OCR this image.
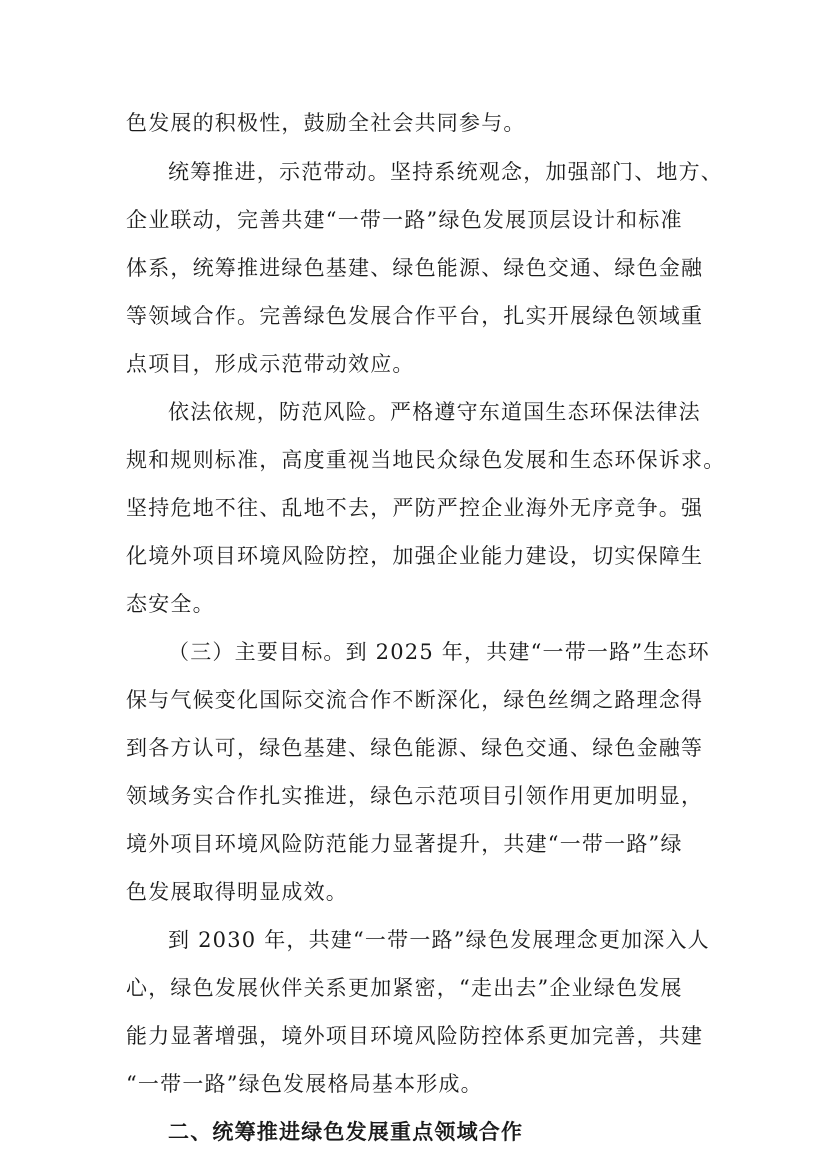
色发展的积极性，鼓励全社会共同参与。
统筹推进，示范带动。坚持系统观念，加强部门、地方、
企业联动，完善共建“一带一路”绿色发展顶层设计和标准
体系，统筹推进绿色基建、绿色能源、绿色交通、绿色金融
等领域合作。完善绿色发展合作平台，扎实开展绿色领域重
点项目，形成示范带动效应。
依法依规，防范风险。严格遵守东道国生态环保法律法
规和规则标准，高度重视当地民众绿色发展和生态环保诉求。
坚持危地不往、乱地不去，严防严控企业海外无序竞争。强
化境外项目环境风险防控，加强企业能力建设，切实保障生
态安全。
（三）主要目标。到 2025 年，共建“一带一路”生态环
保与气候变化国际交流合作不断深化，绿色丝绸之路理念得
到各方认可，绿色基建、绿色能源、绿色交通、绿色金融等
领域务实合作扎实推进，绿色示范项目引领作用更加明显，
境外项目环境风险防范能力显著提升，共建“一带一路”绿
色发展取得明显成效。
到 2030 年，共建“一带一路”绿色发展理念更加深入人
心，绿色发展伙伴关系更加紧密，“走出去”企业绿色发展
能力显著增强，境外项目环境风险防控体系更加完善，共建
“一带一路”绿色发展格局基本形成。
二、统筹推进绿色发展重点领域合作
